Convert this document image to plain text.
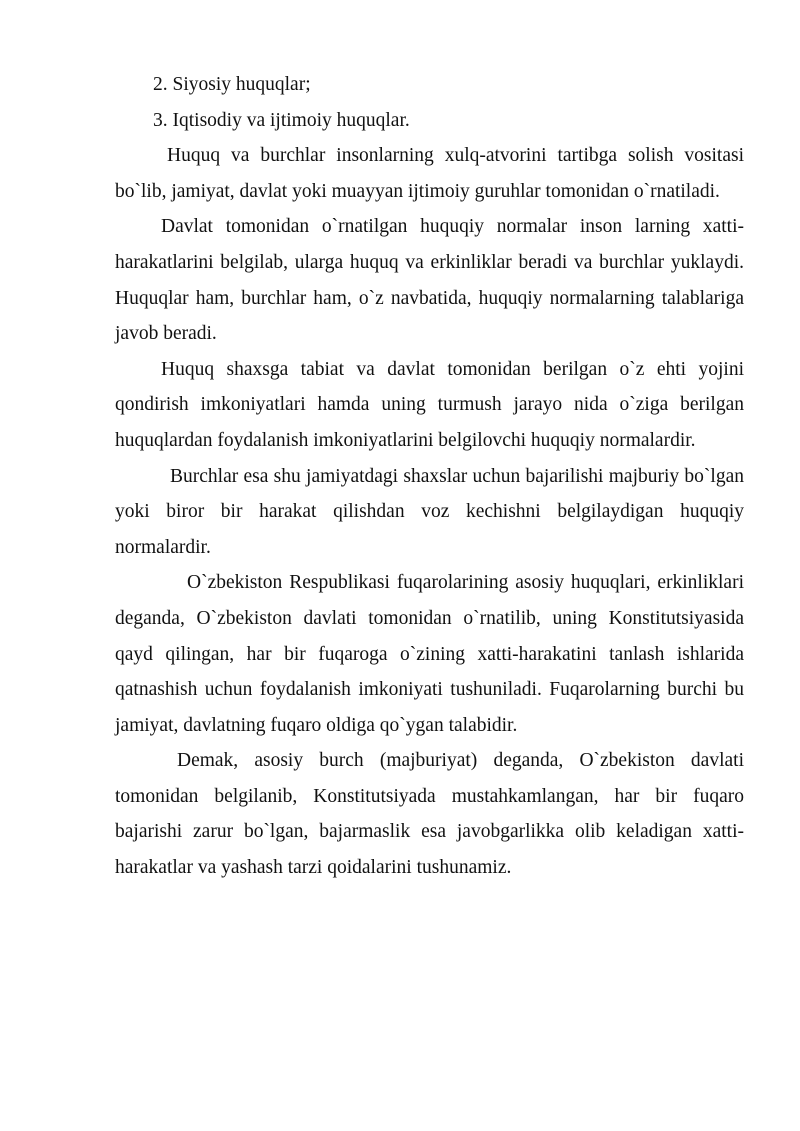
2. Siyosiy huquqlar;

3. Iqtisodiy va ijtimoiy huquqlar.

Huquq va burchlar insonlarning xulq-atvorini tartibga solish vositasi bo`lib, jamiyat, davlat yoki muayyan ijtimoiy guruhlar tomonidan o`rnatiladi.

Davlat tomonidan o`rnatilgan huquqiy normalar inson larning xatti-harakatlarini belgilab, ularga huquq va erkinliklar beradi va burchlar yuklaydi. Huquqlar ham, burchlar ham, o`z navbatida, huquqiy normalarning talablariga javob beradi.

Huquq shaxsga tabiat va davlat tomonidan berilgan o`z ehti yojini qondirish imkoniyatlari hamda uning turmush jarayo nida o`ziga berilgan huquqlardan foydalanish imkoniyatlarini belgilovchi huquqiy normalardir.

Burchlar esa shu jamiyatdagi shaxslar uchun bajarilishi majburiy bo`lgan yoki biror bir harakat qilishdan voz kechishni belgilaydigan huquqiy normalardir.

O`zbekiston Respublikasi fuqarolarining asosiy huquqlari, erkinliklari deganda, O`zbekiston davlati tomonidan o`rnatilib, uning Konstitutsiyasida qayd qilingan, har bir fuqaroga o`zining xatti-harakatini tanlash ishlarida qatnashish uchun foydalanish imkoniyati tushuniladi. Fuqarolarning burchi bu jamiyat, davlatning fuqaro oldiga qo`ygan talabidir.

Demak, asosiy burch (majburiyat) deganda, O`zbekiston davlati tomonidan belgilanib, Konstitutsiyada mustahkamlangan, har bir fuqaro bajarishi zarur bo`lgan, bajarmaslik esa javobgarlikka olib keladigan xatti-harakatlar va yashash tarzi qoidalarini tushunamiz.
